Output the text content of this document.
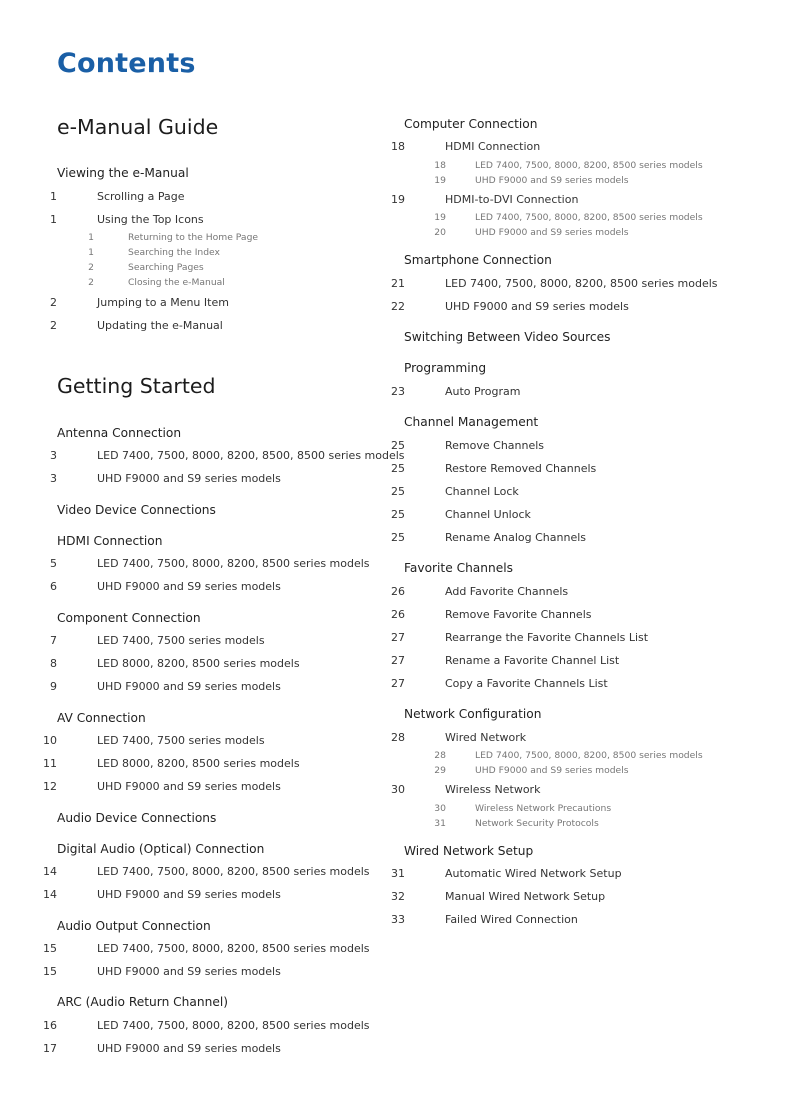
Contents
e-Manual Guide
Viewing the e-Manual
1	Scrolling a Page
1	Using the Top Icons
1	Returning to the Home Page
1	Searching the Index
2	Searching Pages
2	Closing the e-Manual
2	Jumping to a Menu Item
2	Updating the e-Manual
Getting Started
Antenna Connection
3	LED 7400, 7500, 8000, 8200, 8500, 8500 series models
3	UHD F9000 and S9 series models
Video Device Connections
HDMI Connection
5	LED 7400, 7500, 8000, 8200, 8500 series models
6	UHD F9000 and S9 series models
Component Connection
7	LED 7400, 7500 series models
8	LED 8000, 8200, 8500 series models
9	UHD F9000 and S9 series models
AV Connection
10	LED 7400, 7500 series models
11	LED 8000, 8200, 8500 series models
12	UHD F9000 and S9 series models
Audio Device Connections
Digital Audio (Optical) Connection
14	LED 7400, 7500, 8000, 8200, 8500 series models
14	UHD F9000 and S9 series models
Audio Output Connection
15	LED 7400, 7500, 8000, 8200, 8500 series models
15	UHD F9000 and S9 series models
ARC (Audio Return Channel)
16	LED 7400, 7500, 8000, 8200, 8500 series models
17	UHD F9000 and S9 series models
Computer Connection
18	HDMI Connection
18	LED 7400, 7500, 8000, 8200, 8500 series models
19	UHD F9000 and S9 series models
19	HDMI-to-DVI Connection
19	LED 7400, 7500, 8000, 8200, 8500 series models
20	UHD F9000 and S9 series models
Smartphone Connection
21	LED 7400, 7500, 8000, 8200, 8500 series models
22	UHD F9000 and S9 series models
Switching Between Video Sources
Programming
23	Auto Program
Channel Management
25	Remove Channels
25	Restore Removed Channels
25	Channel Lock
25	Channel Unlock
25	Rename Analog Channels
Favorite Channels
26	Add Favorite Channels
26	Remove Favorite Channels
27	Rearrange the Favorite Channels List
27	Rename a Favorite Channel List
27	Copy a Favorite Channels List
Network Configuration
28	Wired Network
28	LED 7400, 7500, 8000, 8200, 8500 series models
29	UHD F9000 and S9 series models
30	Wireless Network
30	Wireless Network Precautions
31	Network Security Protocols
Wired Network Setup
31	Automatic Wired Network Setup
32	Manual Wired Network Setup
33	Failed Wired Connection
